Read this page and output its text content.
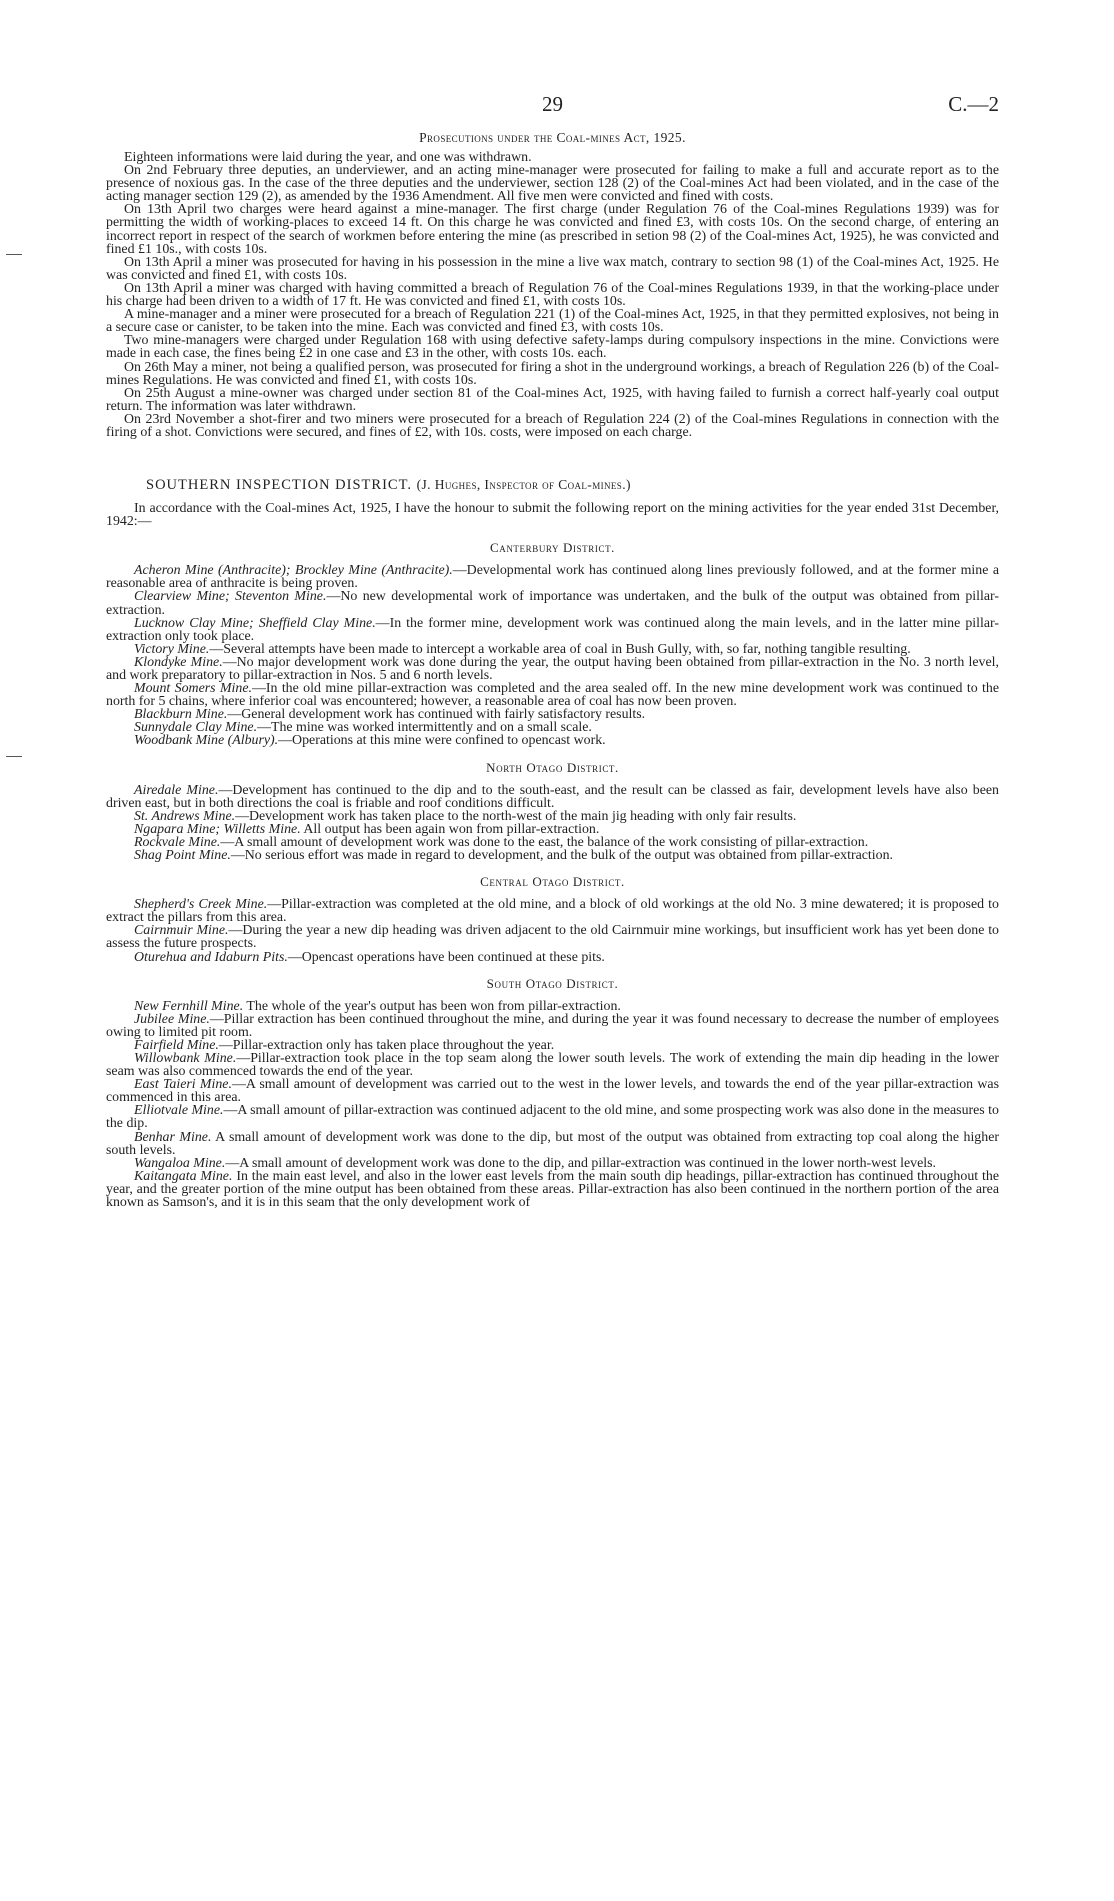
29	C.—2
Prosecutions under the Coal-mines Act, 1925.

Eighteen informations were laid during the year, and one was withdrawn.

On 2nd February three deputies, an underviewer, and an acting mine-manager were prosecuted for failing to make a full and accurate report as to the presence of noxious gas. In the case of the three deputies and the underviewer, section 128 (2) of the Coal-mines Act had been violated, and in the case of the acting manager section 129 (2), as amended by the 1936 Amendment. All five men were convicted and fined with costs.

On 13th April two charges were heard against a mine-manager. The first charge (under Regulation 76 of the Coal-mines Regulations 1939) was for permitting the width of working-places to exceed 14 ft. On this charge he was convicted and fined £3, with costs 10s. On the second charge, of entering an incorrect report in respect of the search of workmen before entering the mine (as prescribed in setion 98 (2) of the Coal-mines Act, 1925), he was convicted and fined £1 10s., with costs 10s.

On 13th April a miner was prosecuted for having in his possession in the mine a live wax match, contrary to section 98 (1) of the Coal-mines Act, 1925. He was convicted and fined £1, with costs 10s.

On 13th April a miner was charged with having committed a breach of Regulation 76 of the Coal-mines Regulations 1939, in that the working-place under his charge had been driven to a width of 17 ft. He was convicted and fined £1, with costs 10s.

A mine-manager and a miner were prosecuted for a breach of Regulation 221 (1) of the Coal-mines Act, 1925, in that they permitted explosives, not being in a secure case or canister, to be taken into the mine. Each was convicted and fined £3, with costs 10s.

Two mine-managers were charged under Regulation 168 with using defective safety-lamps during compulsory inspections in the mine. Convictions were made in each case, the fines being £2 in one case and £3 in the other, with costs 10s. each.

On 26th May a miner, not being a qualified person, was prosecuted for firing a shot in the underground workings, a breach of Regulation 226 (b) of the Coal-mines Regulations. He was convicted and fined £1, with costs 10s.

On 25th August a mine-owner was charged under section 81 of the Coal-mines Act, 1925, with having failed to furnish a correct half-yearly coal output return. The information was later withdrawn.

On 23rd November a shot-firer and two miners were prosecuted for a breach of Regulation 224 (2) of the Coal-mines Regulations in connection with the firing of a shot. Convictions were secured, and fines of £2, with 10s. costs, were imposed on each charge.

SOUTHERN INSPECTION DISTRICT. (J. Hughes, Inspector of Coal-mines.)

In accordance with the Coal-mines Act, 1925, I have the honour to submit the following report on the mining activities for the year ended 31st December, 1942:—

Canterbury District.

Acheron Mine (Anthracite); Brockley Mine (Anthracite).—Developmental work has continued along lines previously followed, and at the former mine a reasonable area of anthracite is being proven.

Clearview Mine; Steventon Mine.—No new developmental work of importance was undertaken, and the bulk of the output was obtained from pillar-extraction.

Lucknow Clay Mine; Sheffield Clay Mine.—In the former mine, development work was continued along the main levels, and in the latter mine pillar-extraction only took place.

Victory Mine.—Several attempts have been made to intercept a workable area of coal in Bush Gully, with, so far, nothing tangible resulting.

Klondyke Mine.—No major development work was done during the year, the output having been obtained from pillar-extraction in the No. 3 north level, and work preparatory to pillar-extraction in Nos. 5 and 6 north levels.

Mount Somers Mine.—In the old mine pillar-extraction was completed and the area sealed off. In the new mine development work was continued to the north for 5 chains, where inferior coal was encountered; however, a reasonable area of coal has now been proven.

Blackburn Mine.—General development work has continued with fairly satisfactory results.

Sunnydale Clay Mine.—The mine was worked intermittently and on a small scale.

Woodbank Mine (Albury).—Operations at this mine were confined to opencast work.

North Otago District.

Airedale Mine.—Development has continued to the dip and to the south-east, and the result can be classed as fair, development levels have also been driven east, but in both directions the coal is friable and roof conditions difficult.

St. Andrews Mine.—Development work has taken place to the north-west of the main jig heading with only fair results.

Ngapara Mine; Willetts Mine. All output has been again won from pillar-extraction.

Rockvale Mine.—A small amount of development work was done to the east, the balance of the work consisting of pillar-extraction.

Shag Point Mine.—No serious effort was made in regard to development, and the bulk of the output was obtained from pillar-extraction.

Central Otago District.

Shepherd's Creek Mine.—Pillar-extraction was completed at the old mine, and a block of old workings at the old No. 3 mine dewatered; it is proposed to extract the pillars from this area.

Cairnmuir Mine.—During the year a new dip heading was driven adjacent to the old Cairnmuir mine workings, but insufficient work has yet been done to assess the future prospects.

Oturehua and Idaburn Pits.—Opencast operations have been continued at these pits.

South Otago District.

New Fernhill Mine. The whole of the year's output has been won from pillar-extraction.

Jubilee Mine.—Pillar extraction has been continued throughout the mine, and during the year it was found necessary to decrease the number of employees owing to limited pit room.

Fairfield Mine.—Pillar-extraction only has taken place throughout the year.

Willowbank Mine.—Pillar-extraction took place in the top seam along the lower south levels. The work of extending the main dip heading in the lower seam was also commenced towards the end of the year.

East Taieri Mine.—A small amount of development was carried out to the west in the lower levels, and towards the end of the year pillar-extraction was commenced in this area.

Elliotvale Mine.—A small amount of pillar-extraction was continued adjacent to the old mine, and some prospecting work was also done in the measures to the dip.

Benhar Mine. A small amount of development work was done to the dip, but most of the output was obtained from extracting top coal along the higher south levels.

Wangaloa Mine.—A small amount of development work was done to the dip, and pillar-extraction was continued in the lower north-west levels.

Kaitangata Mine. In the main east level, and also in the lower east levels from the main south dip headings, pillar-extraction has continued throughout the year, and the greater portion of the mine output has been obtained from these areas. Pillar-extraction has also been continued in the northern portion of the area known as Samson's, and it is in this seam that the only development work of
